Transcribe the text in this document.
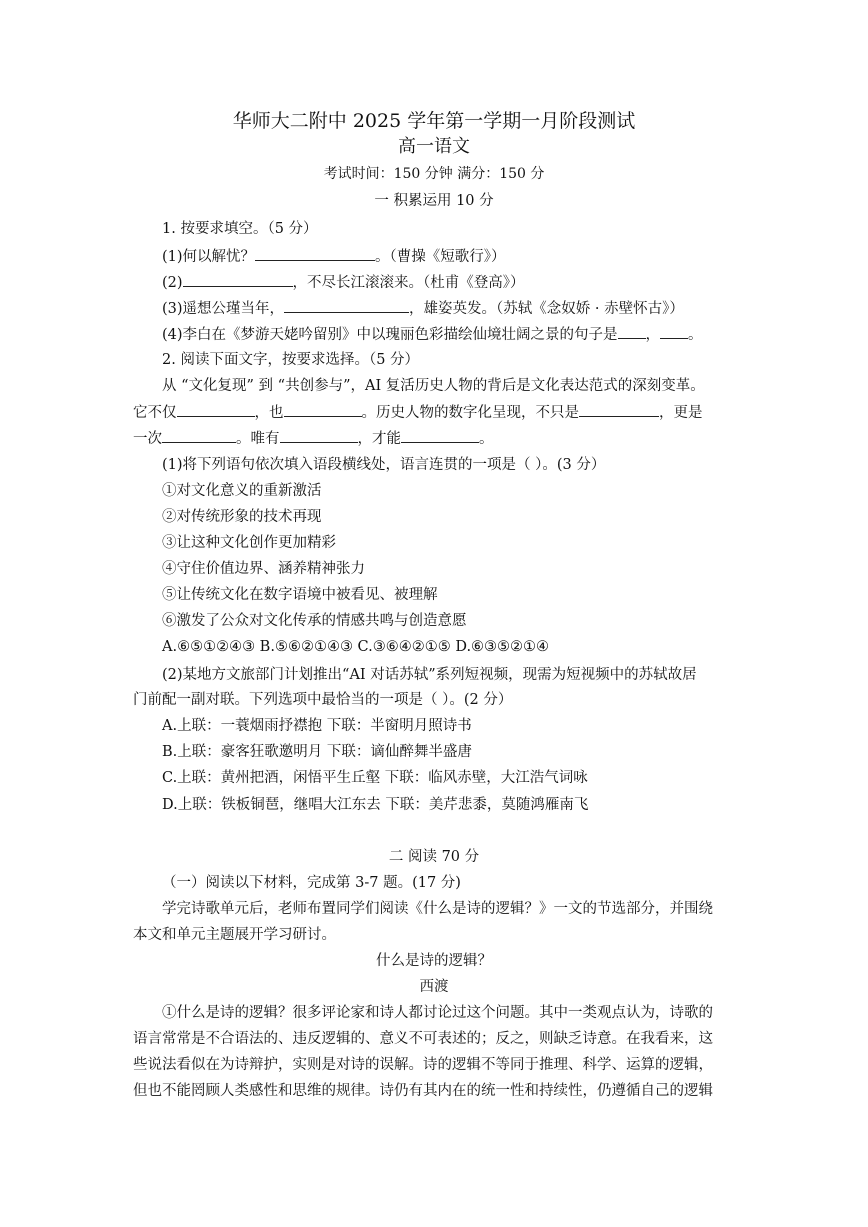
华师大二附中 2025 学年第一学期一月阶段测试
高一语文
考试时间：150 分钟 满分：150 分
一 积累运用 10 分
1. 按要求填空。（5 分）
(1)何以解忧？	。（曹操《短歌行》）
(2)	，不尽长江滚滚来。（杜甫《登高》）
(3)遥想公瑾当年，	，雄姿英发。（苏轼《念奴娇 · 赤壁怀古》）
(4)李白在《梦游天姥吟留别》中以瑰丽色彩描绘仙境壮阔之景的句子是 ， 。
2. 阅读下面文字，按要求选择。（5 分）
从 “文化复现” 到 “共创参与”，AI 复活历史人物的背后是文化表达范式的深刻变革。
它不仅	，也	。历史人物的数字化呈现，不只是	，更是
一次	。唯有	，才能	。
(1)将下列语句依次填入语段横线处，语言连贯的一项是（ ）。(3 分）
①对文化意义的重新激活
②对传统形象的技术再现
③让这种文化创作更加精彩
④守住价值边界、涵养精神张力
⑤让传统文化在数字语境中被看见、被理解
⑥激发了公众对文化传承的情感共鸣与创造意愿
A.⑥⑤①②④③ B.⑤⑥②①④③ C.③⑥④②①⑤ D.⑥③⑤②①④
(2)某地方文旅部门计划推出“AI 对话苏轼”系列短视频，现需为短视频中的苏轼故居
门前配一副对联。下列选项中最恰当的一项是（ ）。(2 分）
A.上联：一蓑烟雨抒襟抱 下联：半窗明月照诗书
B.上联：豪客狂歌邀明月 下联：谪仙醉舞半盛唐
C.上联：黄州把酒，闲悟平生丘壑 下联：临风赤壁，大江浩气词咏
D.上联：铁板铜琶，继唱大江东去 下联：美芹悲黍，莫随鸿雁南飞
二 阅读 70 分
（一）阅读以下材料，完成第 3-7 题。(17 分)
学完诗歌单元后，老师布置同学们阅读《什么是诗的逻辑？》一文的节选部分，并围绕
本文和单元主题展开学习研讨。
什么是诗的逻辑？
西渡
①什么是诗的逻辑？很多评论家和诗人都讨论过这个问题。其中一类观点认为，诗歌的
语言常常是不合语法的、违反逻辑的、意义不可表述的；反之，则缺乏诗意。在我看来，这
些说法看似在为诗辩护，实则是对诗的误解。诗的逻辑不等同于推理、科学、运算的逻辑，
但也不能罔顾人类感性和思维的规律。诗仍有其内在的统一性和持续性，仍遵循自己的逻辑
